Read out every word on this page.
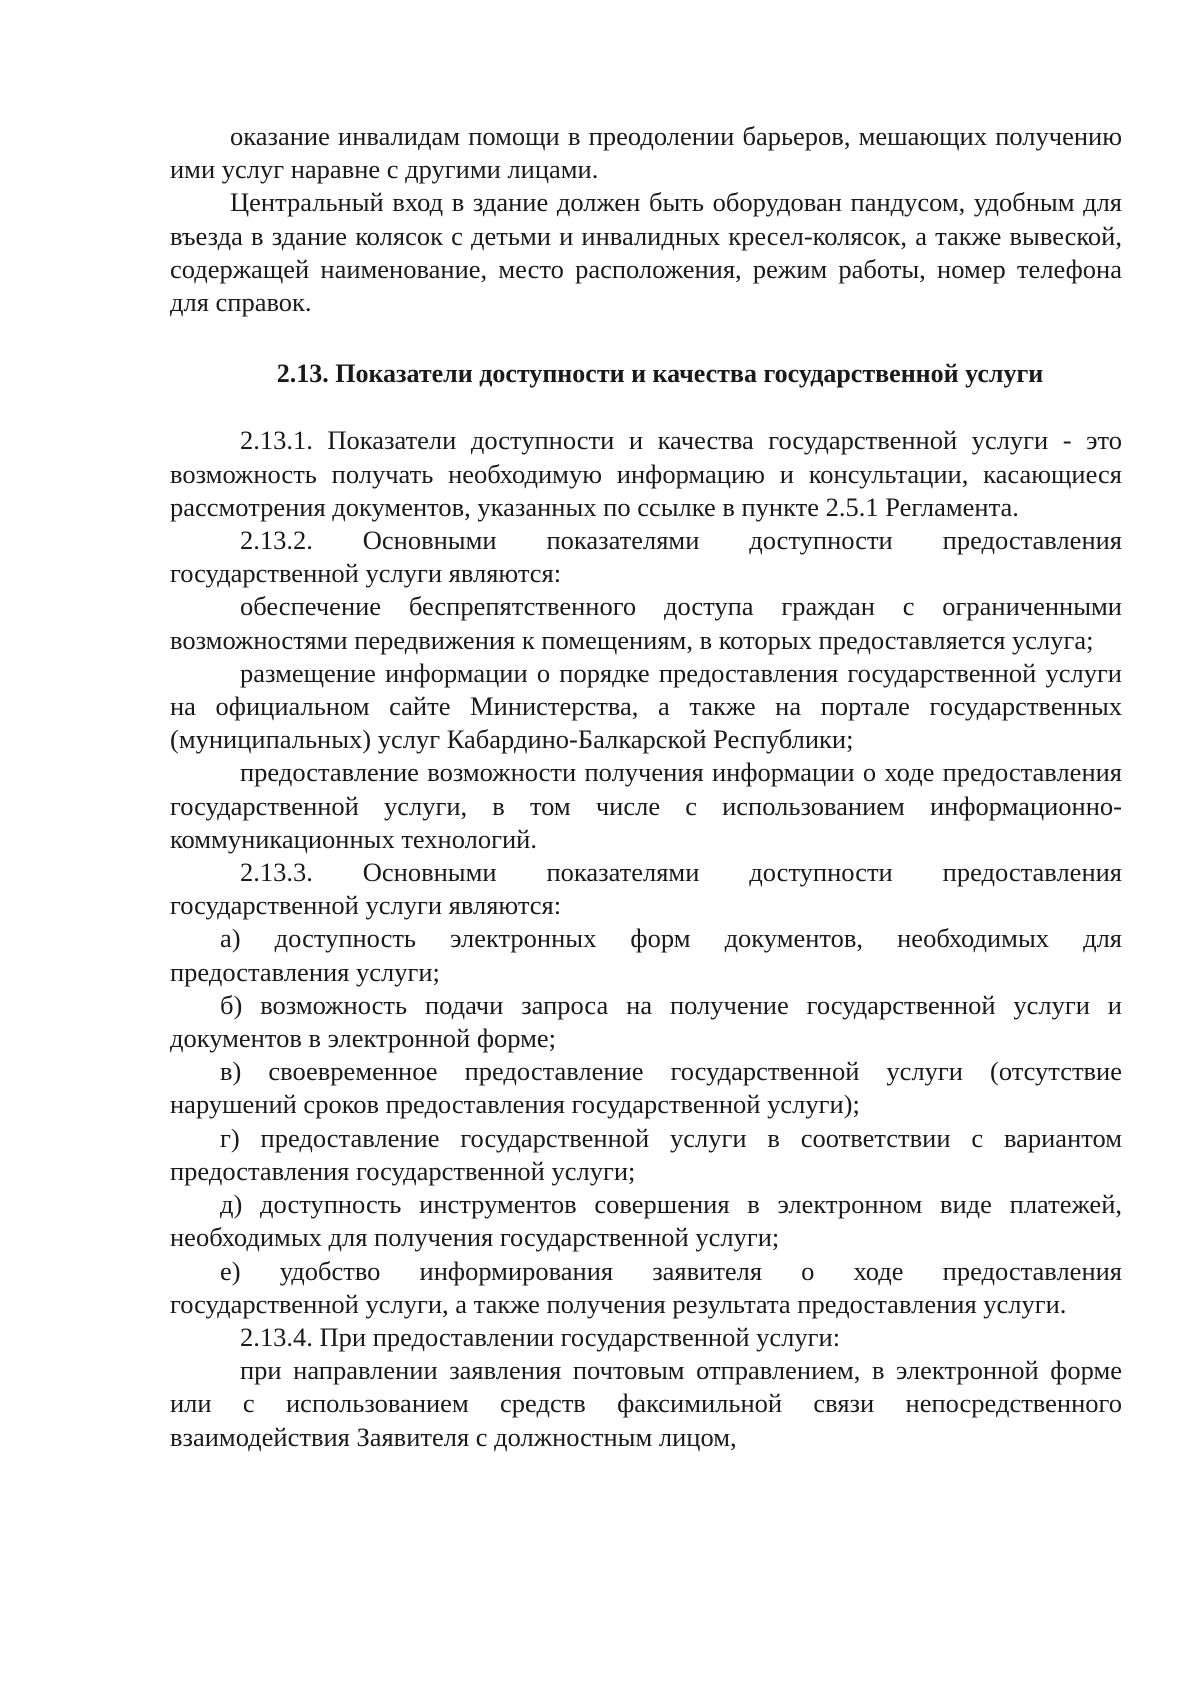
оказание инвалидам помощи в преодолении барьеров, мешающих получению ими услуг наравне с другими лицами.

Центральный вход в здание должен быть оборудован пандусом, удобным для въезда в здание колясок с детьми и инвалидных кресел-колясок, а также вывеской, содержащей наименование, место расположения, режим работы, номер телефона для справок.

2.13. Показатели доступности и качества государственной услуги

2.13.1. Показатели доступности и качества государственной услуги - это возможность получать необходимую информацию и консультации, касающиеся рассмотрения документов, указанных по ссылке в пункте 2.5.1 Регламента.

2.13.2. Основными показателями доступности предоставления государственной услуги являются:

обеспечение беспрепятственного доступа граждан с ограниченными возможностями передвижения к помещениям, в которых предоставляется услуга;

размещение информации о порядке предоставления государственной услуги на официальном сайте Министерства, а также на портале государственных (муниципальных) услуг Кабардино-Балкарской Республики;

предоставление возможности получения информации о ходе предоставления государственной услуги, в том числе с использованием информационно-коммуникационных технологий.

2.13.3. Основными показателями доступности предоставления государственной услуги являются:

а) доступность электронных форм документов, необходимых для предоставления услуги;

б) возможность подачи запроса на получение государственной услуги и документов в электронной форме;

в) своевременное предоставление государственной услуги (отсутствие нарушений сроков предоставления государственной услуги);

г) предоставление государственной услуги в соответствии с вариантом предоставления государственной услуги;

д) доступность инструментов совершения в электронном виде платежей, необходимых для получения государственной услуги;

е) удобство информирования заявителя о ходе предоставления государственной услуги, а также получения результата предоставления услуги.

2.13.4. При предоставлении государственной услуги:

при направлении заявления почтовым отправлением, в электронной форме или с использованием средств факсимильной связи непосредственного взаимодействия Заявителя с должностным лицом,
